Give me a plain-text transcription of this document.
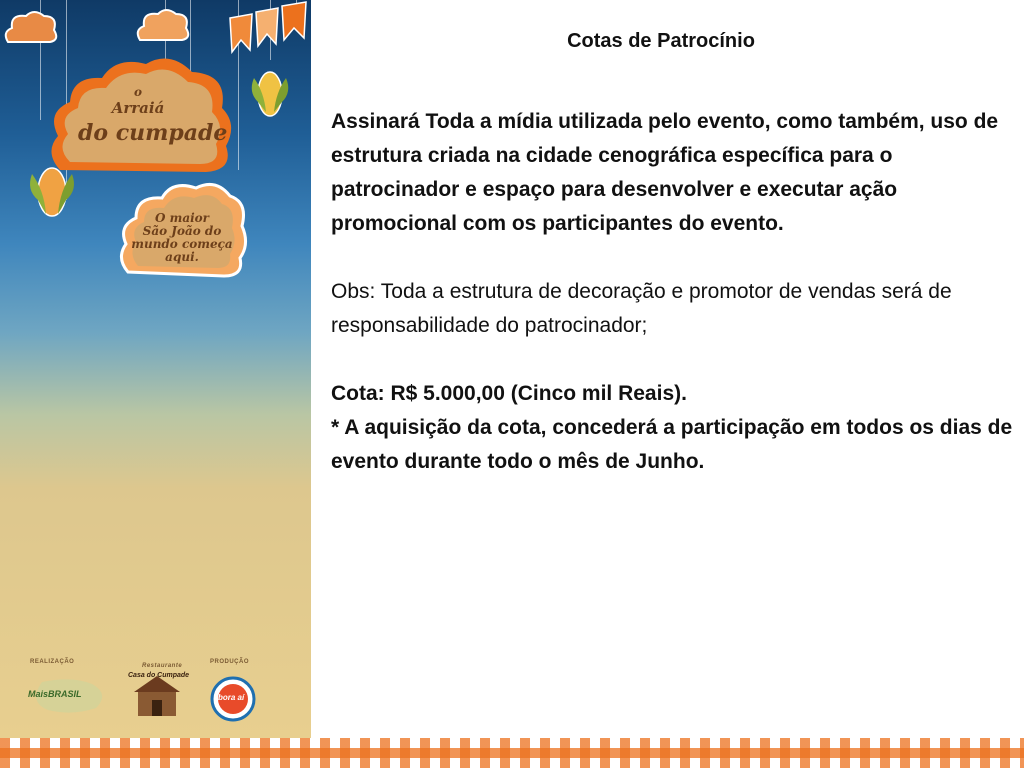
o
Arraiá
do cumpade
O maior
São João do
mundo começa
aqui.
REALIZAÇÃO	PRODUÇÃO
Restaurante
MaisBRASIL
Casa do Cumpade
bora aí
Cotas de Patrocínio

Assinará Toda a mídia utilizada pelo evento, como também, uso de estrutura criada na cidade cenográfica específica para o patrocinador e espaço para desenvolver e executar ação promocional com os participantes do evento.

Obs: Toda a estrutura de decoração e promotor de vendas será de responsabilidade do patrocinador;

Cota: R$ 5.000,00 (Cinco mil Reais).

* A aquisição da cota, concederá a participação em todos os dias de evento durante todo o mês de Junho.
